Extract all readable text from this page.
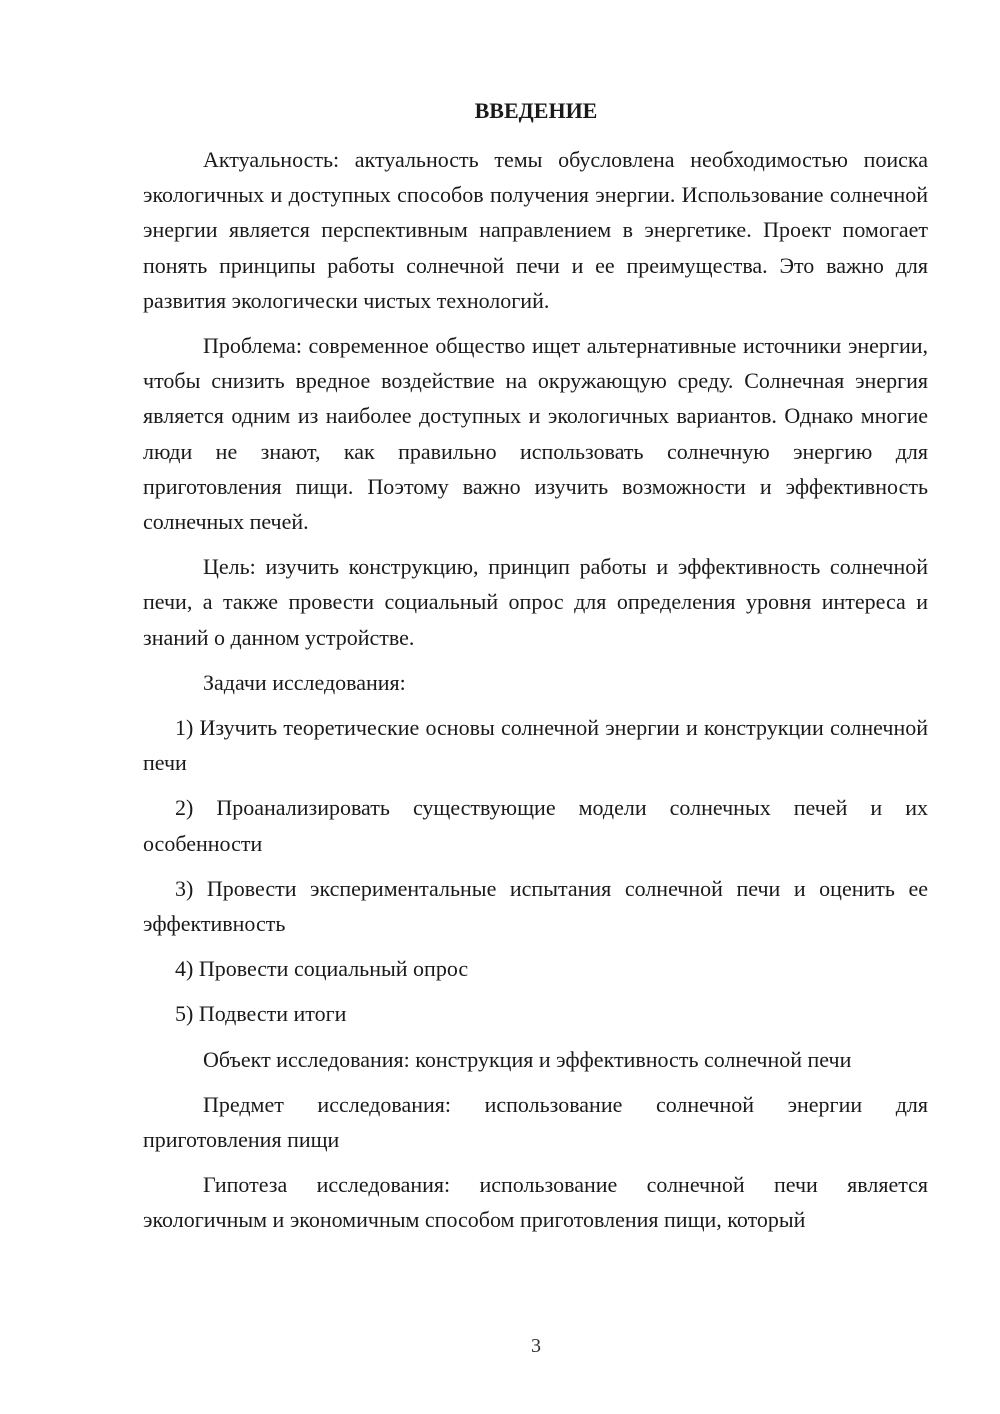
ВВЕДЕНИЕ

Актуальность: актуальность темы обусловлена необходимостью поиска экологичных и доступных способов получения энергии. Использование солнечной энергии является перспективным направлением в энергетике. Проект помогает понять принципы работы солнечной печи и ее преимущества. Это важно для развития экологически чистых технологий.

Проблема: современное общество ищет альтернативные источники энергии, чтобы снизить вредное воздействие на окружающую среду. Солнечная энергия является одним из наиболее доступных и экологичных вариантов. Однако многие люди не знают, как правильно использовать солнечную энергию для приготовления пищи. Поэтому важно изучить возможности и эффективность солнечных печей.

Цель: изучить конструкцию, принцип работы и эффективность солнечной печи, а также провести социальный опрос для определения уровня интереса и знаний о данном устройстве.

Задачи исследования:

1) Изучить теоретические основы солнечной энергии и конструкции солнечной печи

2) Проанализировать существующие модели солнечных печей и их особенности

3) Провести экспериментальные испытания солнечной печи и оценить ее эффективность

4) Провести социальный опрос

5) Подвести итоги

Объект исследования: конструкция и эффективность солнечной печи

Предмет исследования: использование солнечной энергии для приготовления пищи

Гипотеза исследования: использование солнечной печи является экологичным и экономичным способом приготовления пищи, который

3
